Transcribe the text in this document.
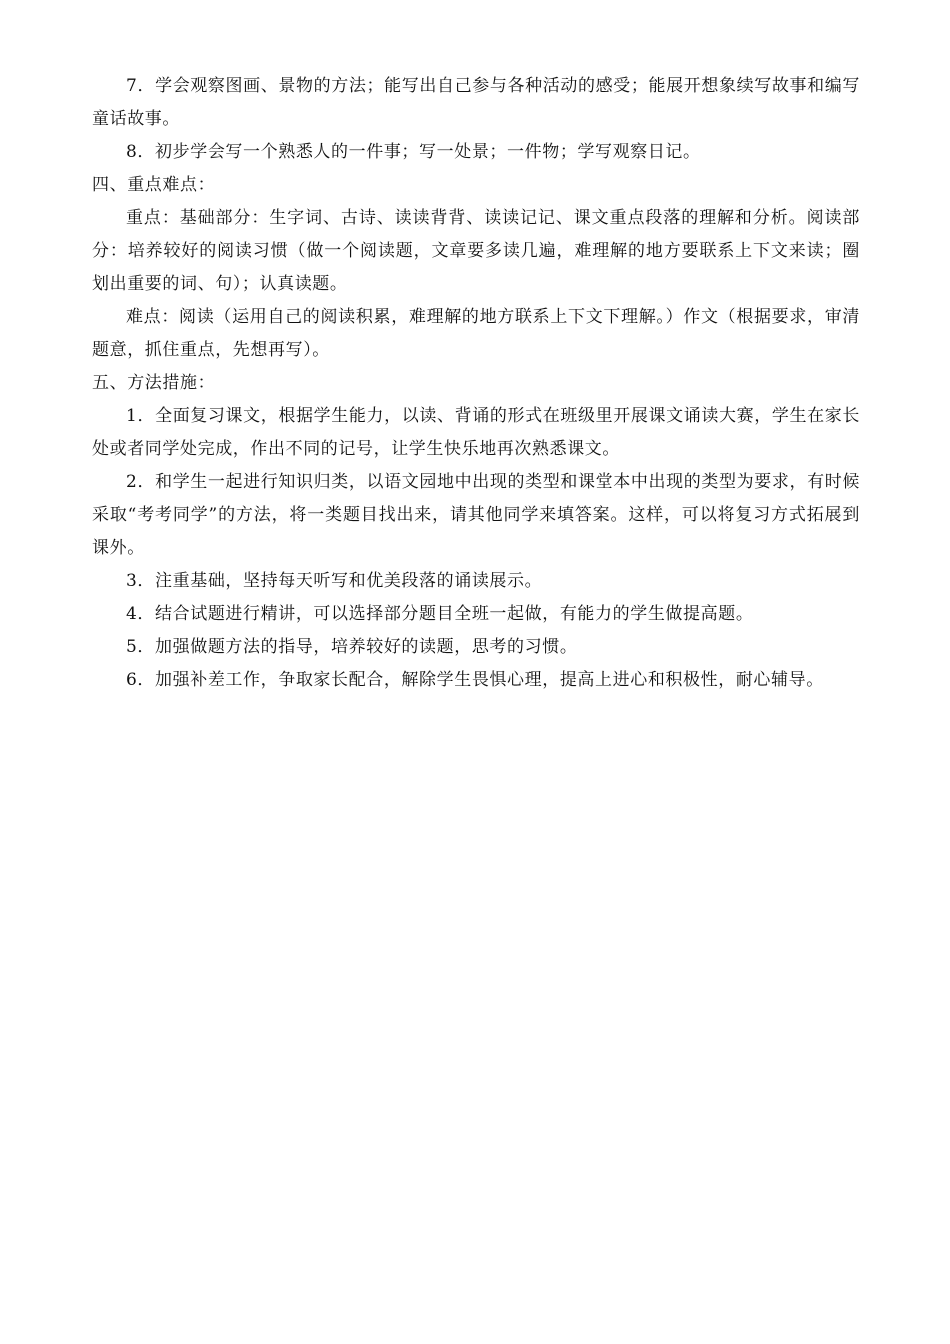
7．学会观察图画、景物的方法；能写出自己参与各种活动的感受；能展开想象续写故事和编写童话故事。

8．初步学会写一个熟悉人的一件事；写一处景；一件物；学写观察日记。

四、重点难点：

重点：基础部分：生字词、古诗、读读背背、读读记记、课文重点段落的理解和分析。阅读部分：培养较好的阅读习惯（做一个阅读题，文章要多读几遍，难理解的地方要联系上下文来读；圈划出重要的词、句）；认真读题。

难点：阅读（运用自己的阅读积累，难理解的地方联系上下文下理解。）作文（根据要求，审清题意，抓住重点，先想再写）。

五、方法措施：

1．全面复习课文，根据学生能力，以读、背诵的形式在班级里开展课文诵读大赛，学生在家长处或者同学处完成，作出不同的记号，让学生快乐地再次熟悉课文。

2．和学生一起进行知识归类，以语文园地中出现的类型和课堂本中出现的类型为要求，有时候采取“考考同学”的方法，将一类题目找出来，请其他同学来填答案。这样，可以将复习方式拓展到课外。

3．注重基础，坚持每天听写和优美段落的诵读展示。

4．结合试题进行精讲，可以选择部分题目全班一起做，有能力的学生做提高题。

5．加强做题方法的指导，培养较好的读题，思考的习惯。

6．加强补差工作，争取家长配合，解除学生畏惧心理，提高上进心和积极性，耐心辅导。
